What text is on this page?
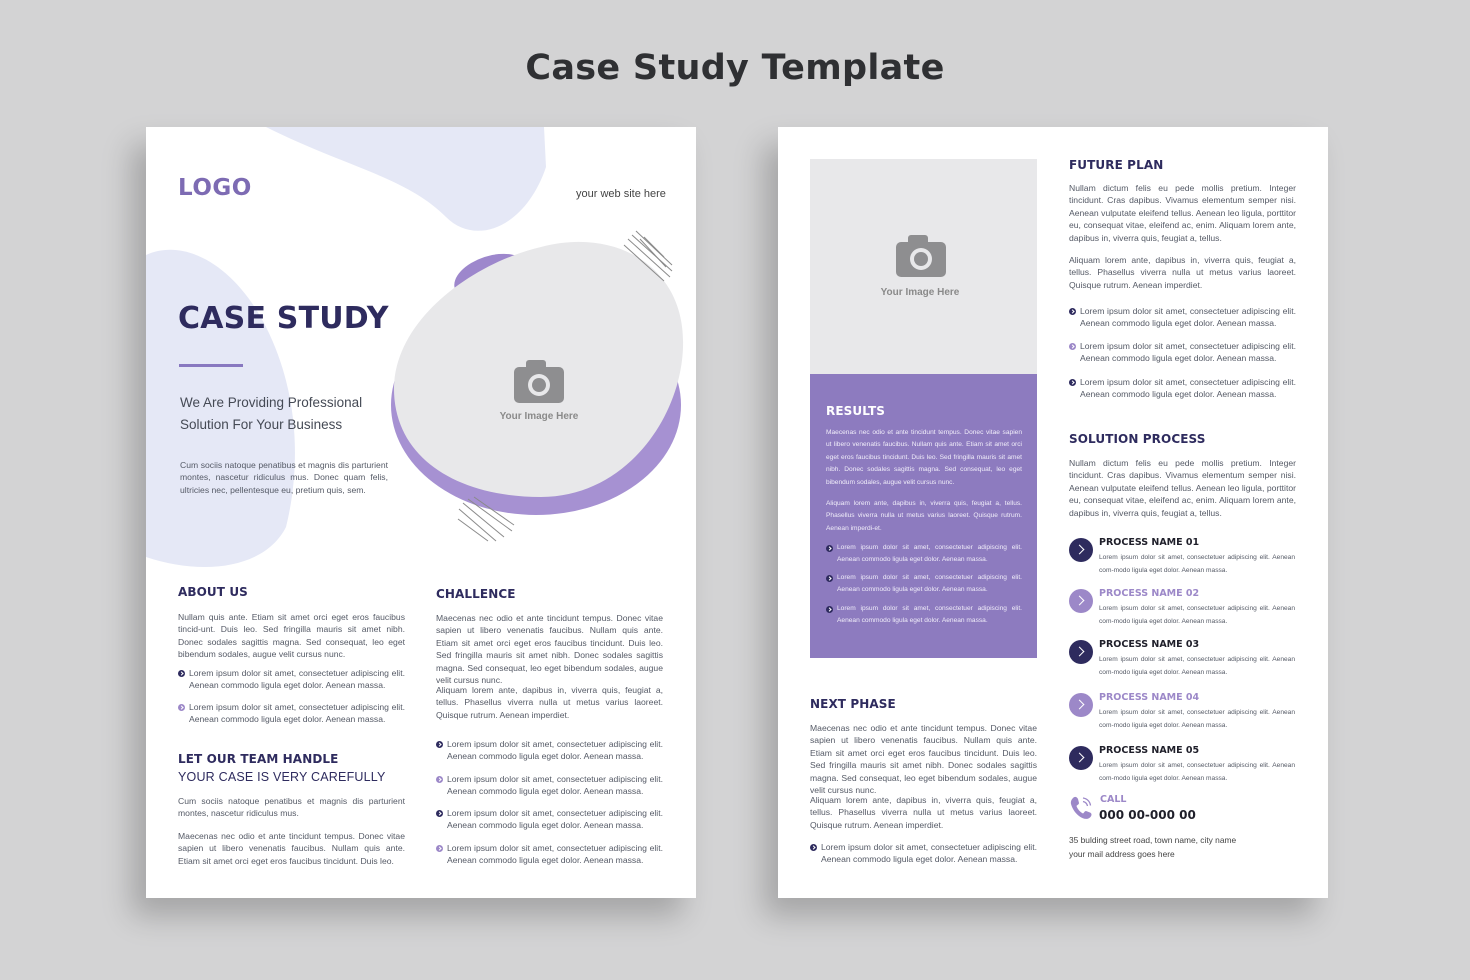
Case Study Template
LOGO	your web site here
CASE STUDY
We Are Providing Professional
Solution For Your Business
Cum sociis natoque penatibus et magnis dis parturient montes, nascetur ridiculus mus. Donec quam felis, ultricies nec, pellentesque eu, pretium quis, sem.
Your Image Here
ABOUT US
Nullam quis ante. Etiam sit amet orci eget eros faucibus tincid-unt. Duis leo. Sed fringilla mauris sit amet nibh. Donec sodales sagittis magna. Sed consequat, leo eget bibendum sodales, augue velit cursus nunc.
Lorem ipsum dolor sit amet, consectetuer adipiscing elit. Aenean commodo ligula eget dolor. Aenean massa.
Lorem ipsum dolor sit amet, consectetuer adipiscing elit. Aenean commodo ligula eget dolor. Aenean massa.
LET OUR TEAM HANDLE
YOUR CASE IS VERY CAREFULLY
Cum sociis natoque penatibus et magnis dis parturient montes, nascetur ridiculus mus.
Maecenas nec odio et ante tincidunt tempus. Donec vitae sapien ut libero venenatis faucibus. Nullam quis ante. Etiam sit amet orci eget eros faucibus tincidunt. Duis leo.
CHALLENCE
Maecenas nec odio et ante tincidunt tempus. Donec vitae sapien ut libero venenatis faucibus. Nullam quis ante. Etiam sit amet orci eget eros faucibus tincidunt. Duis leo. Sed fringilla mauris sit amet nibh. Donec sodales sagittis magna. Sed consequat, leo eget bibendum sodales, augue velit cursus nunc.
Aliquam lorem ante, dapibus in, viverra quis, feugiat a, tellus. Phasellus viverra nulla ut metus varius laoreet. Quisque rutrum. Aenean imperdiet.
Lorem ipsum dolor sit amet, consectetuer adipiscing elit. Aenean commodo ligula eget dolor. Aenean massa.
Lorem ipsum dolor sit amet, consectetuer adipiscing elit. Aenean commodo ligula eget dolor. Aenean massa.
Lorem ipsum dolor sit amet, consectetuer adipiscing elit. Aenean commodo ligula eget dolor. Aenean massa.
Lorem ipsum dolor sit amet, consectetuer adipiscing elit. Aenean commodo ligula eget dolor. Aenean massa.
Your Image Here
RESULTS
Maecenas nec odio et ante tincidunt tempus. Donec vitae sapien ut libero venenatis faucibus. Nullam quis ante. Etiam sit amet orci eget eros faucibus tincidunt. Duis leo. Sed fringilla mauris sit amet nibh. Donec sodales sagittis magna. Sed consequat, leo eget bibendum sodales, augue velit cursus nunc.
Aliquam lorem ante, dapibus in, viverra quis, feugiat a, tellus. Phasellus viverra nulla ut metus varius laoreet. Quisque rutrum. Aenean imperdi-et.
Lorem ipsum dolor sit amet, consectetuer adipiscing elit. Aenean commodo ligula eget dolor. Aenean massa.
Lorem ipsum dolor sit amet, consectetuer adipiscing elit. Aenean commodo ligula eget dolor. Aenean massa.
Lorem ipsum dolor sit amet, consectetuer adipiscing elit. Aenean commodo ligula eget dolor. Aenean massa.
NEXT PHASE
Maecenas nec odio et ante tincidunt tempus. Donec vitae sapien ut libero venenatis faucibus. Nullam quis ante. Etiam sit amet orci eget eros faucibus tincidunt. Duis leo. Sed fringilla mauris sit amet nibh. Donec sodales sagittis magna. Sed consequat, leo eget bibendum sodales, augue velit cursus nunc.
Aliquam lorem ante, dapibus in, viverra quis, feugiat a, tellus. Phasellus viverra nulla ut metus varius laoreet. Quisque rutrum. Aenean imperdiet.
Lorem ipsum dolor sit amet, consectetuer adipiscing elit. Aenean commodo ligula eget dolor. Aenean massa.
FUTURE PLAN
Nullam dictum felis eu pede mollis pretium. Integer tincidunt. Cras dapibus. Vivamus elementum semper nisi. Aenean vulputate eleifend tellus. Aenean leo ligula, porttitor eu, consequat vitae, eleifend ac, enim. Aliquam lorem ante, dapibus in, viverra quis, feugiat a, tellus.
Aliquam lorem ante, dapibus in, viverra quis, feugiat a, tellus. Phasellus viverra nulla ut metus varius laoreet. Quisque rutrum. Aenean imperdiet.
Lorem ipsum dolor sit amet, consectetuer adipiscing elit. Aenean commodo ligula eget dolor. Aenean massa.
Lorem ipsum dolor sit amet, consectetuer adipiscing elit. Aenean commodo ligula eget dolor. Aenean massa.
Lorem ipsum dolor sit amet, consectetuer adipiscing elit. Aenean commodo ligula eget dolor. Aenean massa.
SOLUTION PROCESS
Nullam dictum felis eu pede mollis pretium. Integer tincidunt. Cras dapibus. Vivamus elementum semper nisi. Aenean vulputate eleifend tellus. Aenean leo ligula, porttitor eu, consequat vitae, eleifend ac, enim. Aliquam lorem ante, dapibus in, viverra quis, feugiat a, tellus.
CALL
000 00-000 00
35 bulding street road, town name, city name
your mail address goes here
PROCESS NAME 01
Lorem ipsum dolor sit amet, consectetuer adipiscing elit. Aenean com-modo ligula eget dolor. Aenean massa.
PROCESS NAME 02
Lorem ipsum dolor sit amet, consectetuer adipiscing elit. Aenean com-modo ligula eget dolor. Aenean massa.
PROCESS NAME 03
Lorem ipsum dolor sit amet, consectetuer adipiscing elit. Aenean com-modo ligula eget dolor. Aenean massa.
PROCESS NAME 04
Lorem ipsum dolor sit amet, consectetuer adipiscing elit. Aenean com-modo ligula eget dolor. Aenean massa.
PROCESS NAME 05
Lorem ipsum dolor sit amet, consectetuer adipiscing elit. Aenean com-modo ligula eget dolor. Aenean massa.
